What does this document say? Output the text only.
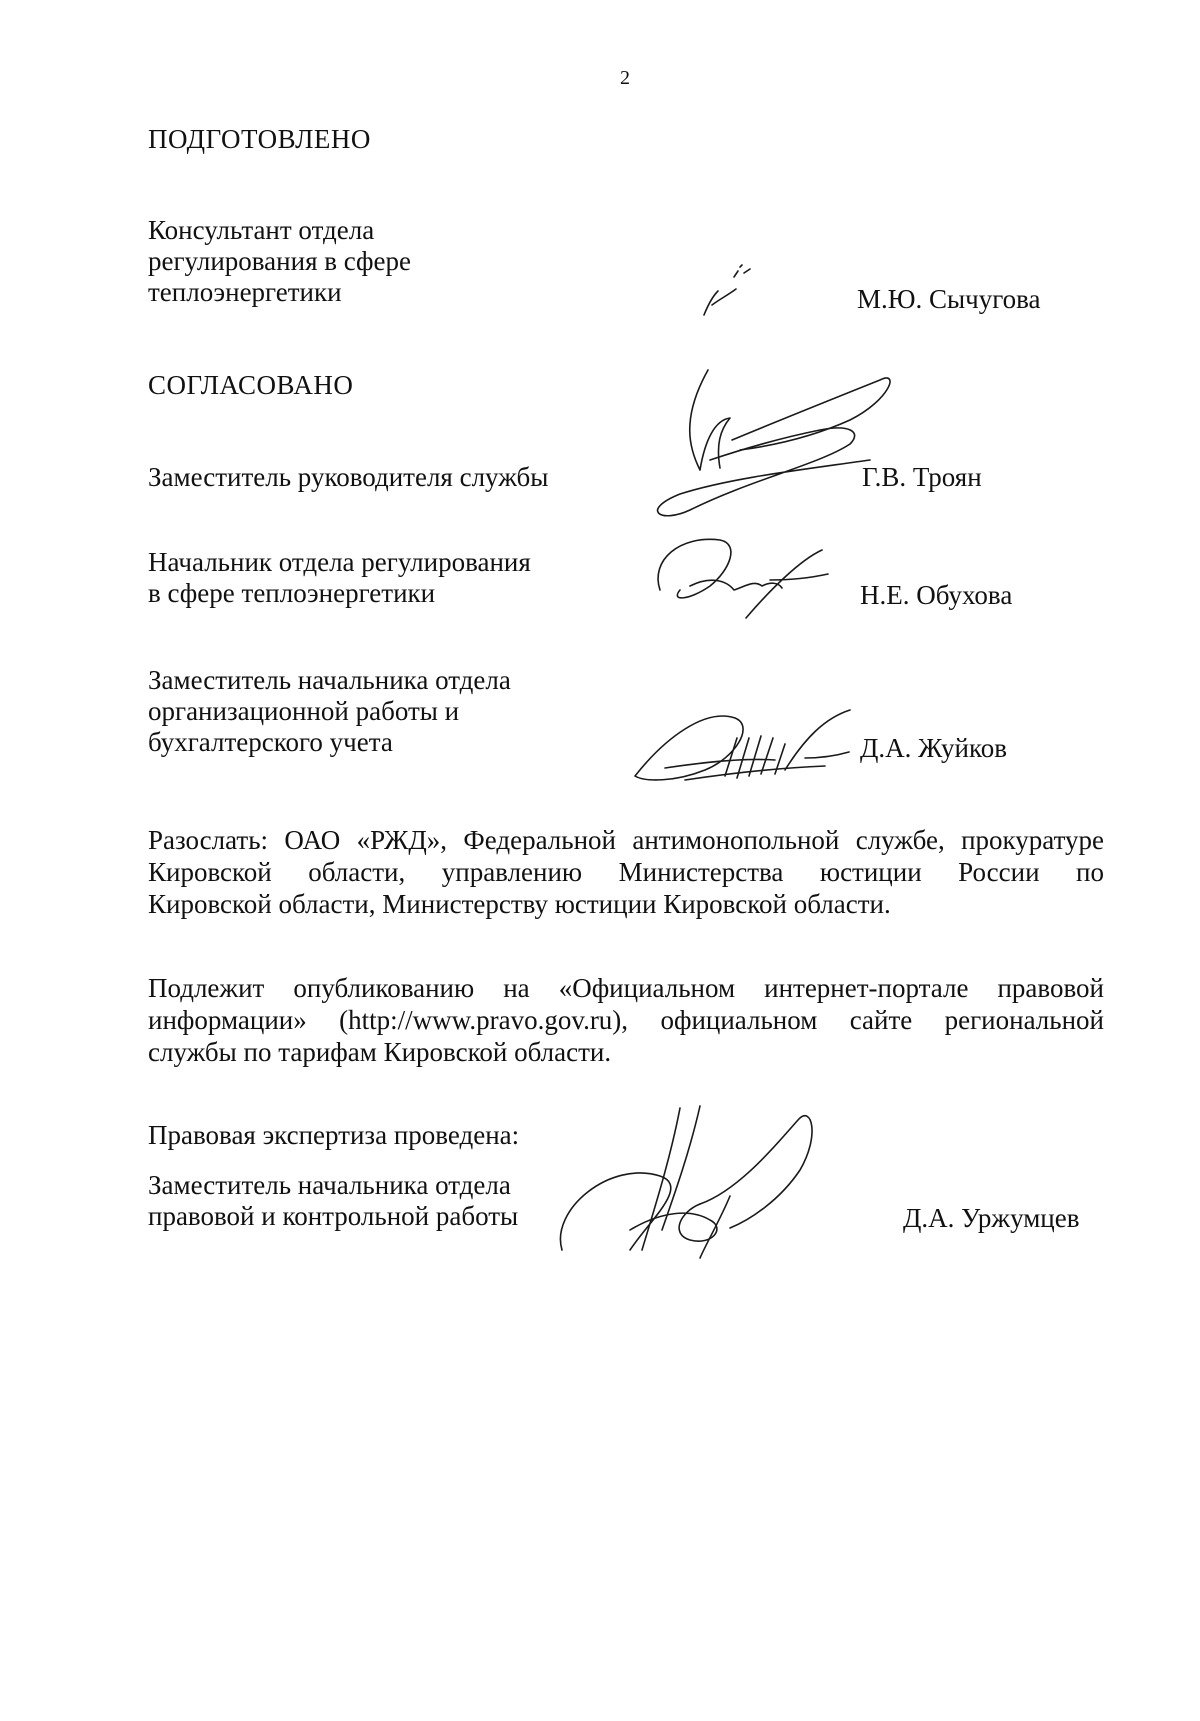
2
ПОДГОТОВЛЕНО
Консультант отдела
регулирования в сфере
теплоэнергетики	М.Ю. Сычугова
СОГЛАСОВАНО
Заместитель руководителя службы	Г.В. Троян
Начальник отдела регулирования
в сфере теплоэнергетики	Н.Е. Обухова
Заместитель начальника отдела
организационной работы и
бухгалтерского учета	Д.А. Жуйков
Разослать: ОАО «РЖД», Федеральной антимонопольной службе, прокуратуре
Кировской области, управлению Министерства юстиции России по
Кировской области, Министерству юстиции Кировской области.
Подлежит опубликованию на «Официальном интернет-портале правовой
информации» (http://www.pravo.gov.ru), официальном сайте региональной
службы по тарифам Кировской области.
Правовая экспертиза проведена:
Заместитель начальника отдела
правовой и контрольной работы	Д.А. Уржумцев
